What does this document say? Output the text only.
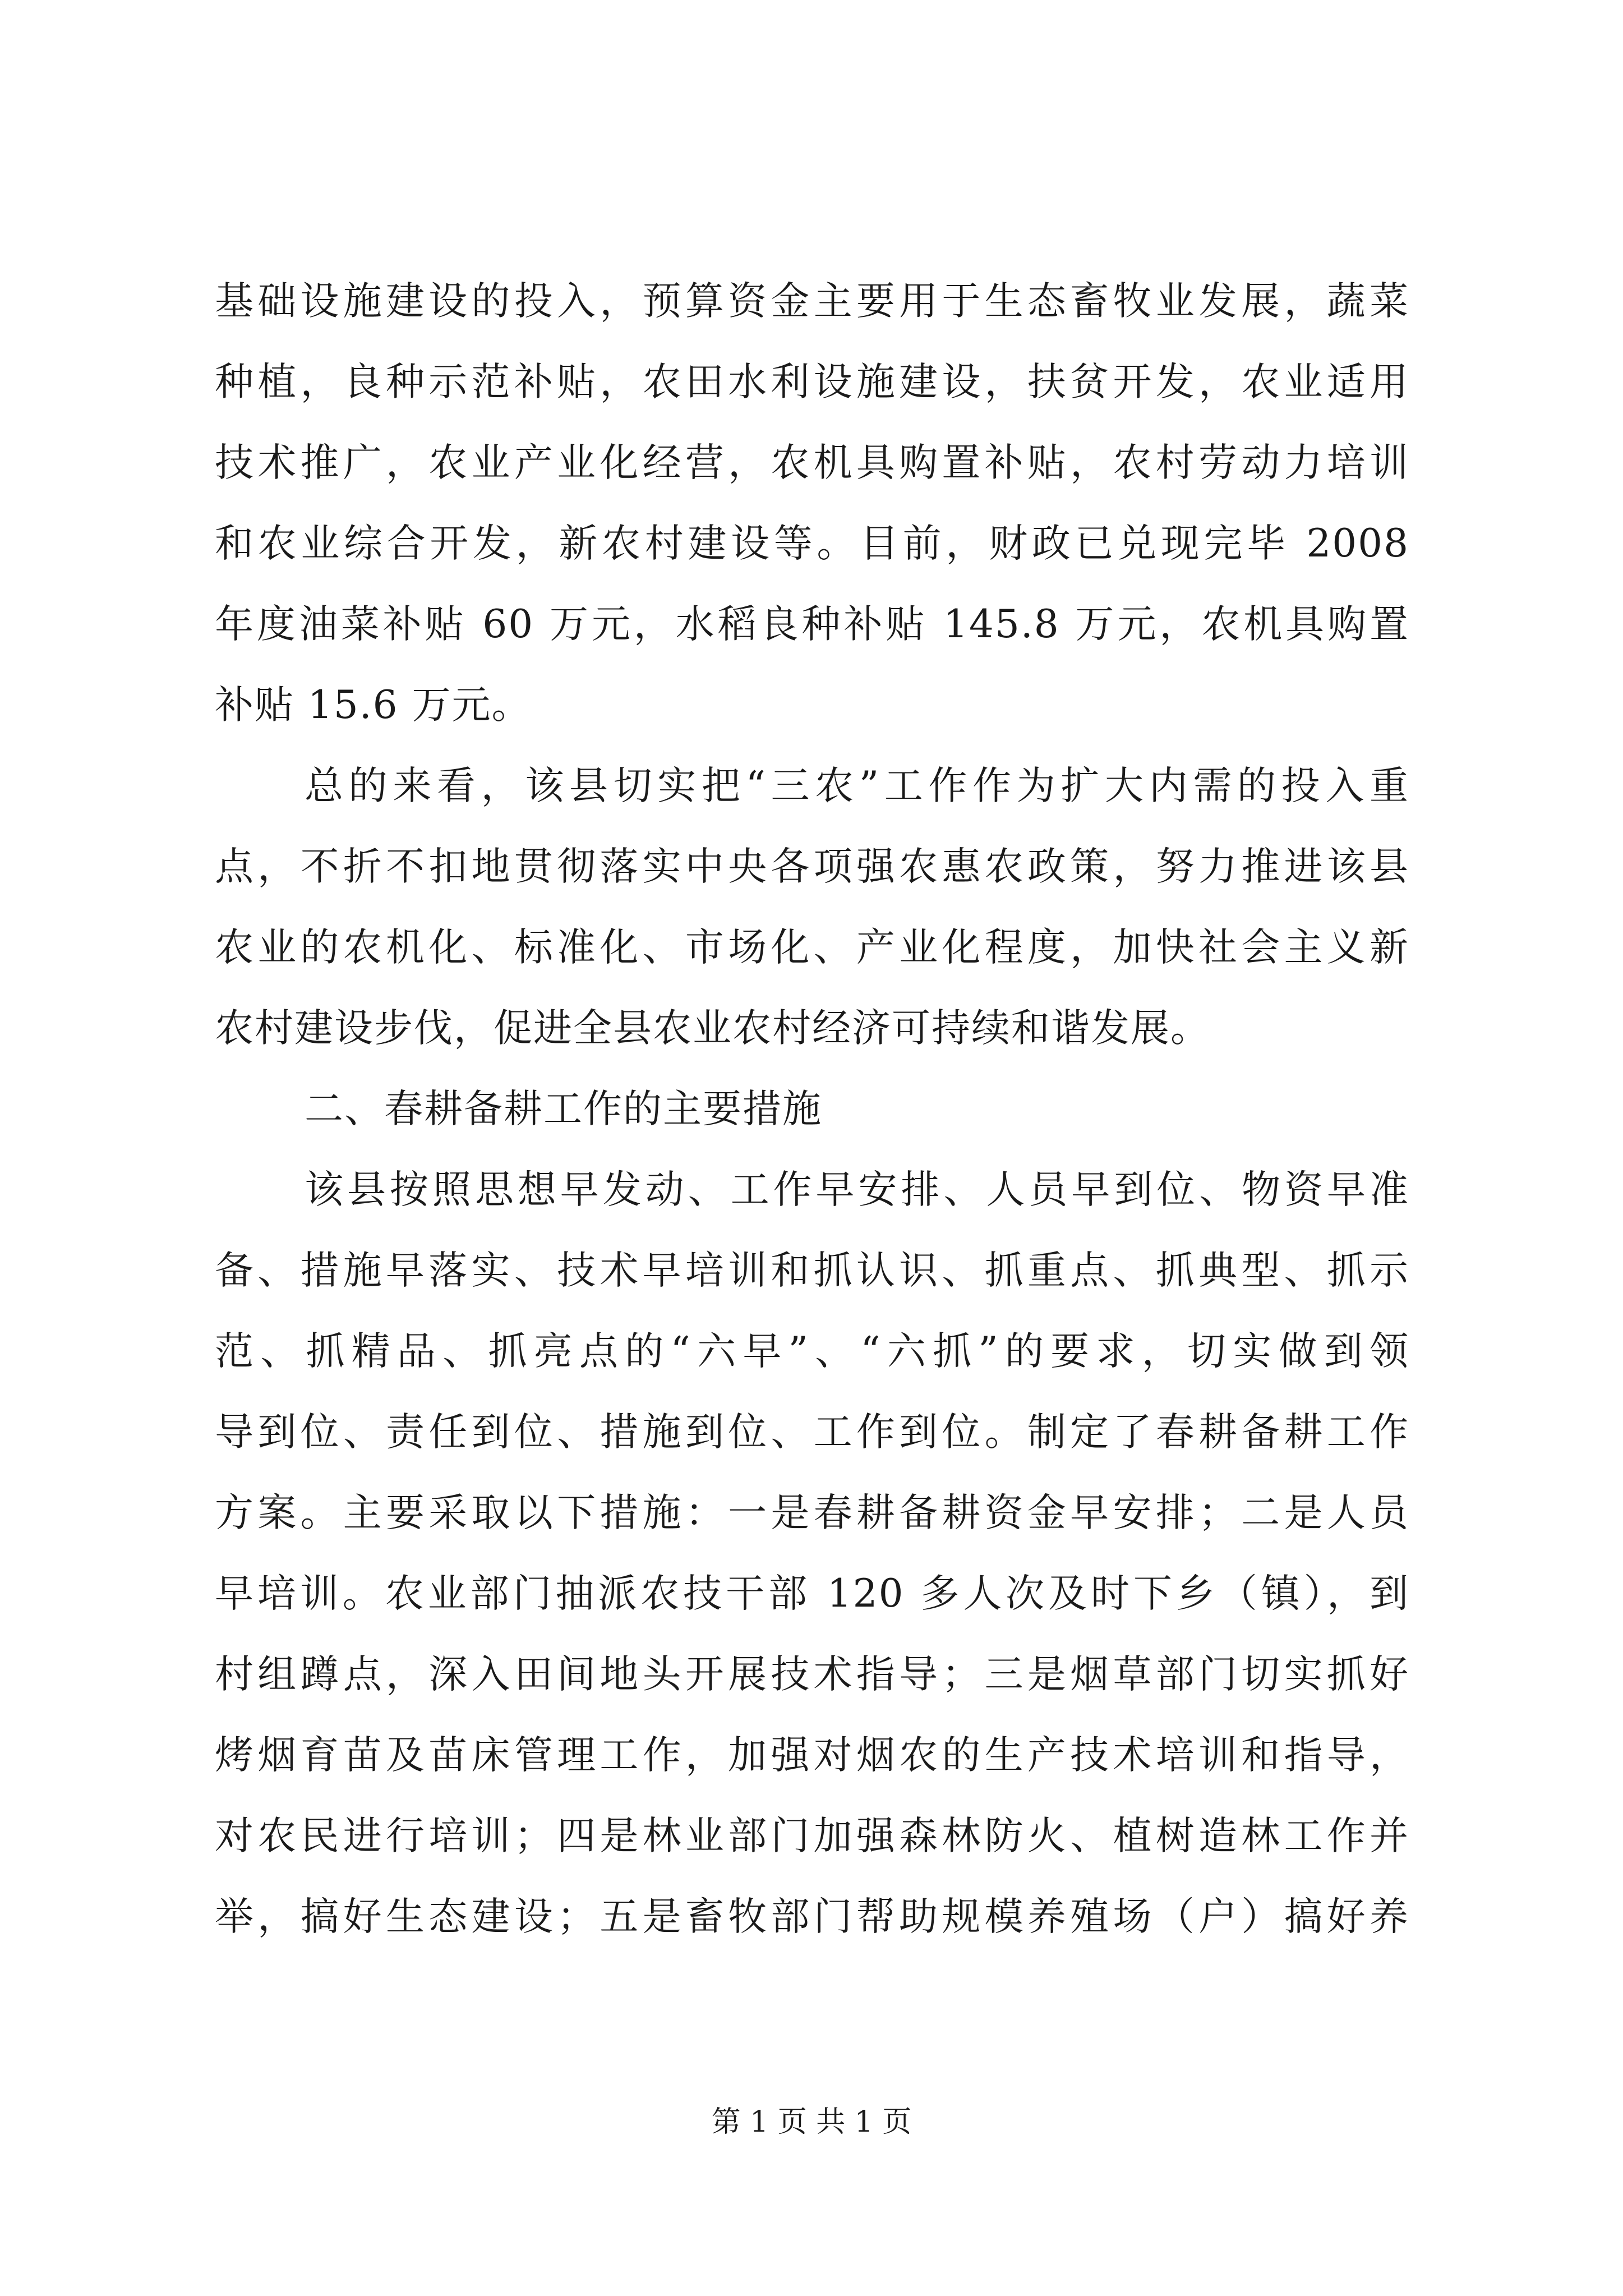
基础设施建设的投入，预算资金主要用于生态畜牧业发展，蔬菜
种植，良种示范补贴，农田水利设施建设，扶贫开发，农业适用
技术推广，农业产业化经营，农机具购置补贴，农村劳动力培训
和农业综合开发，新农村建设等。目前，财政已兑现完毕 2008
年度油菜补贴 60 万元，水稻良种补贴 145.8 万元，农机具购置
补贴 15.6 万元。
总的来看，该县切实把“三农”工作作为扩大内需的投入重
点，不折不扣地贯彻落实中央各项强农惠农政策，努力推进该县
农业的农机化、标准化、市场化、产业化程度，加快社会主义新
农村建设步伐，促进全县农业农村经济可持续和谐发展。
二、春耕备耕工作的主要措施
该县按照思想早发动、工作早安排、人员早到位、物资早准
备、措施早落实、技术早培训和抓认识、抓重点、抓典型、抓示
范、抓精品、抓亮点的“六早”、“六抓”的要求，切实做到领
导到位、责任到位、措施到位、工作到位。制定了春耕备耕工作
方案。主要采取以下措施：一是春耕备耕资金早安排；二是人员
早培训。农业部门抽派农技干部 120 多人次及时下乡（镇），到
村组蹲点，深入田间地头开展技术指导；三是烟草部门切实抓好
烤烟育苗及苗床管理工作，加强对烟农的生产技术培训和指导，
对农民进行培训；四是林业部门加强森林防火、植树造林工作并
举，搞好生态建设；五是畜牧部门帮助规模养殖场（户）搞好养
第 1 页 共 1 页
